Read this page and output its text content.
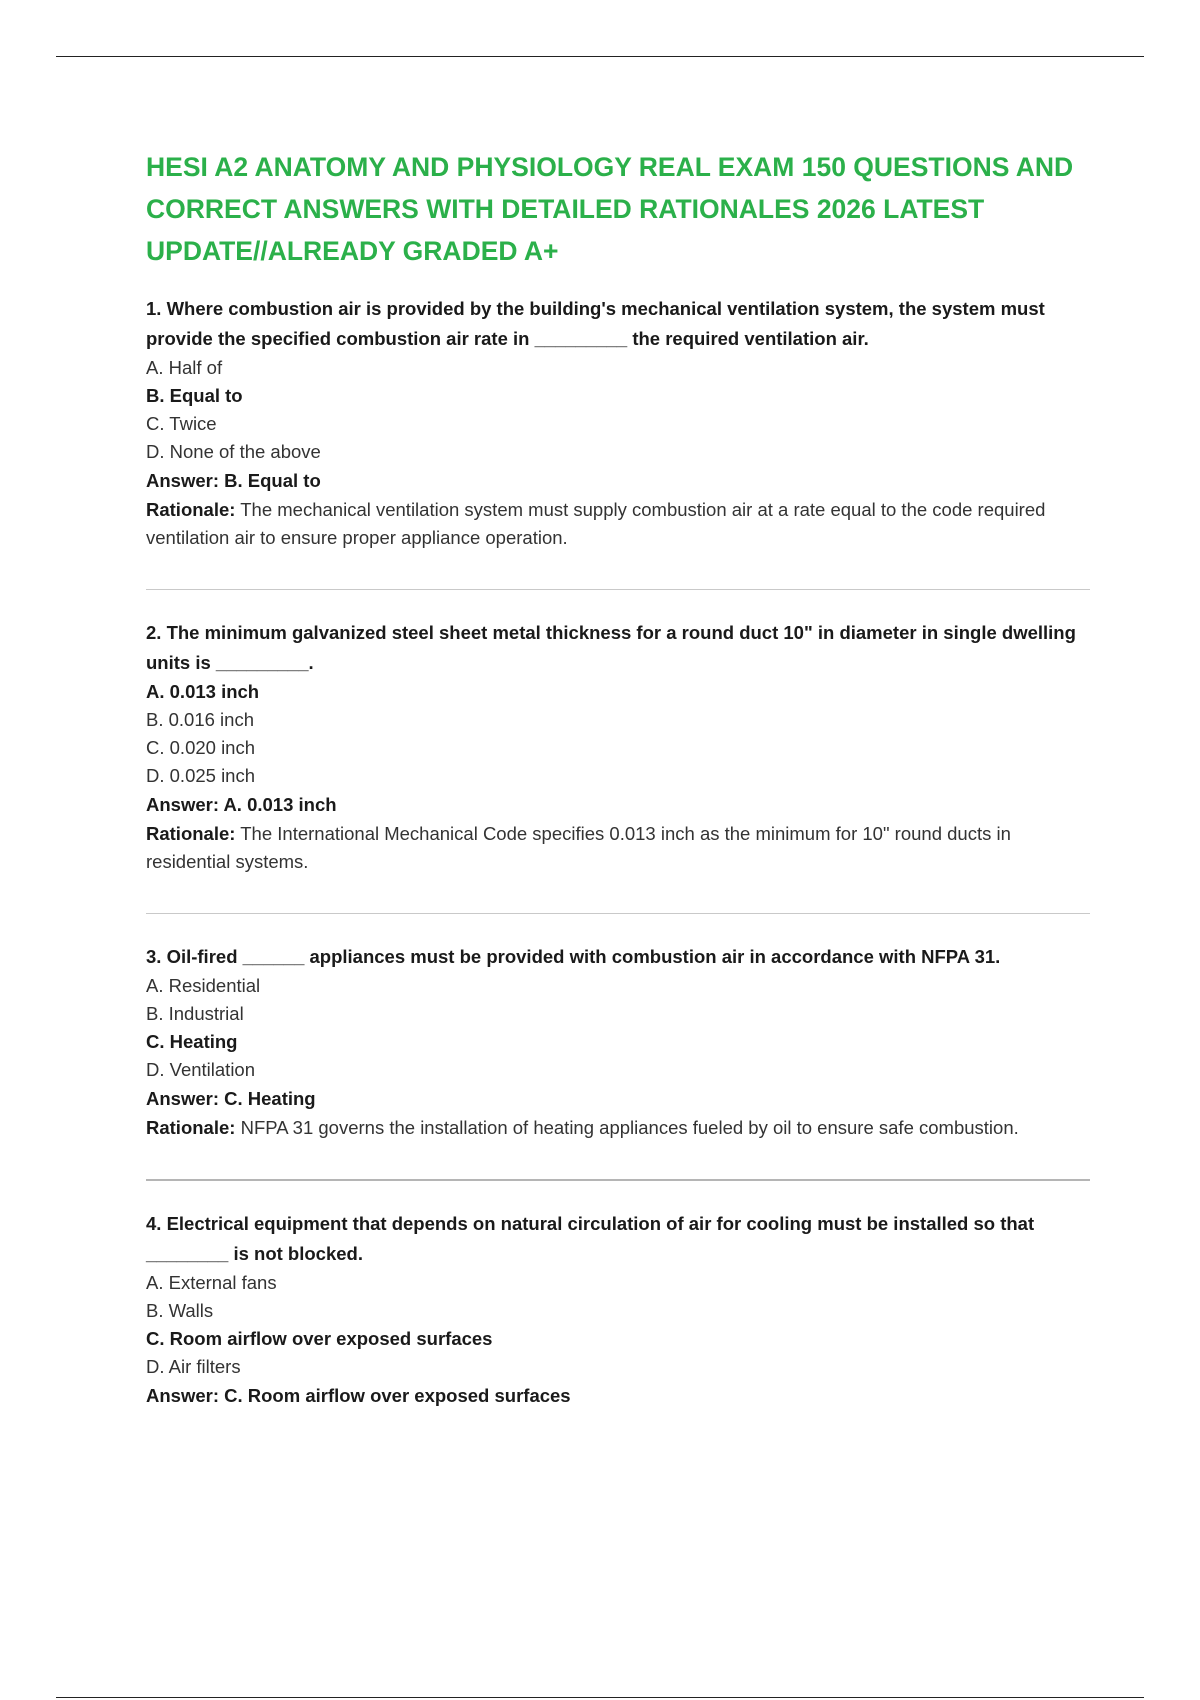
HESI A2 ANATOMY AND PHYSIOLOGY REAL EXAM 150 QUESTIONS AND CORRECT ANSWERS WITH DETAILED RATIONALES 2026 LATEST UPDATE//ALREADY GRADED A+

1. Where combustion air is provided by the building's mechanical ventilation system, the system must provide the specified combustion air rate in _________ the required ventilation air.

A. Half of

B. Equal to

C. Twice

D. None of the above

Answer: B. Equal to

Rationale: The mechanical ventilation system must supply combustion air at a rate equal to the code required ventilation air to ensure proper appliance operation.

2. The minimum galvanized steel sheet metal thickness for a round duct 10" in diameter in single dwelling units is _________.

A. 0.013 inch

B. 0.016 inch

C. 0.020 inch

D. 0.025 inch

Answer: A. 0.013 inch

Rationale: The International Mechanical Code specifies 0.013 inch as the minimum for 10" round ducts in residential systems.

3. Oil-fired ______ appliances must be provided with combustion air in accordance with NFPA 31.

A. Residential

B. Industrial

C. Heating

D. Ventilation

Answer: C. Heating

Rationale: NFPA 31 governs the installation of heating appliances fueled by oil to ensure safe combustion.

4. Electrical equipment that depends on natural circulation of air for cooling must be installed so that ________ is not blocked.

A. External fans

B. Walls

C. Room airflow over exposed surfaces

D. Air filters

Answer: C. Room airflow over exposed surfaces
